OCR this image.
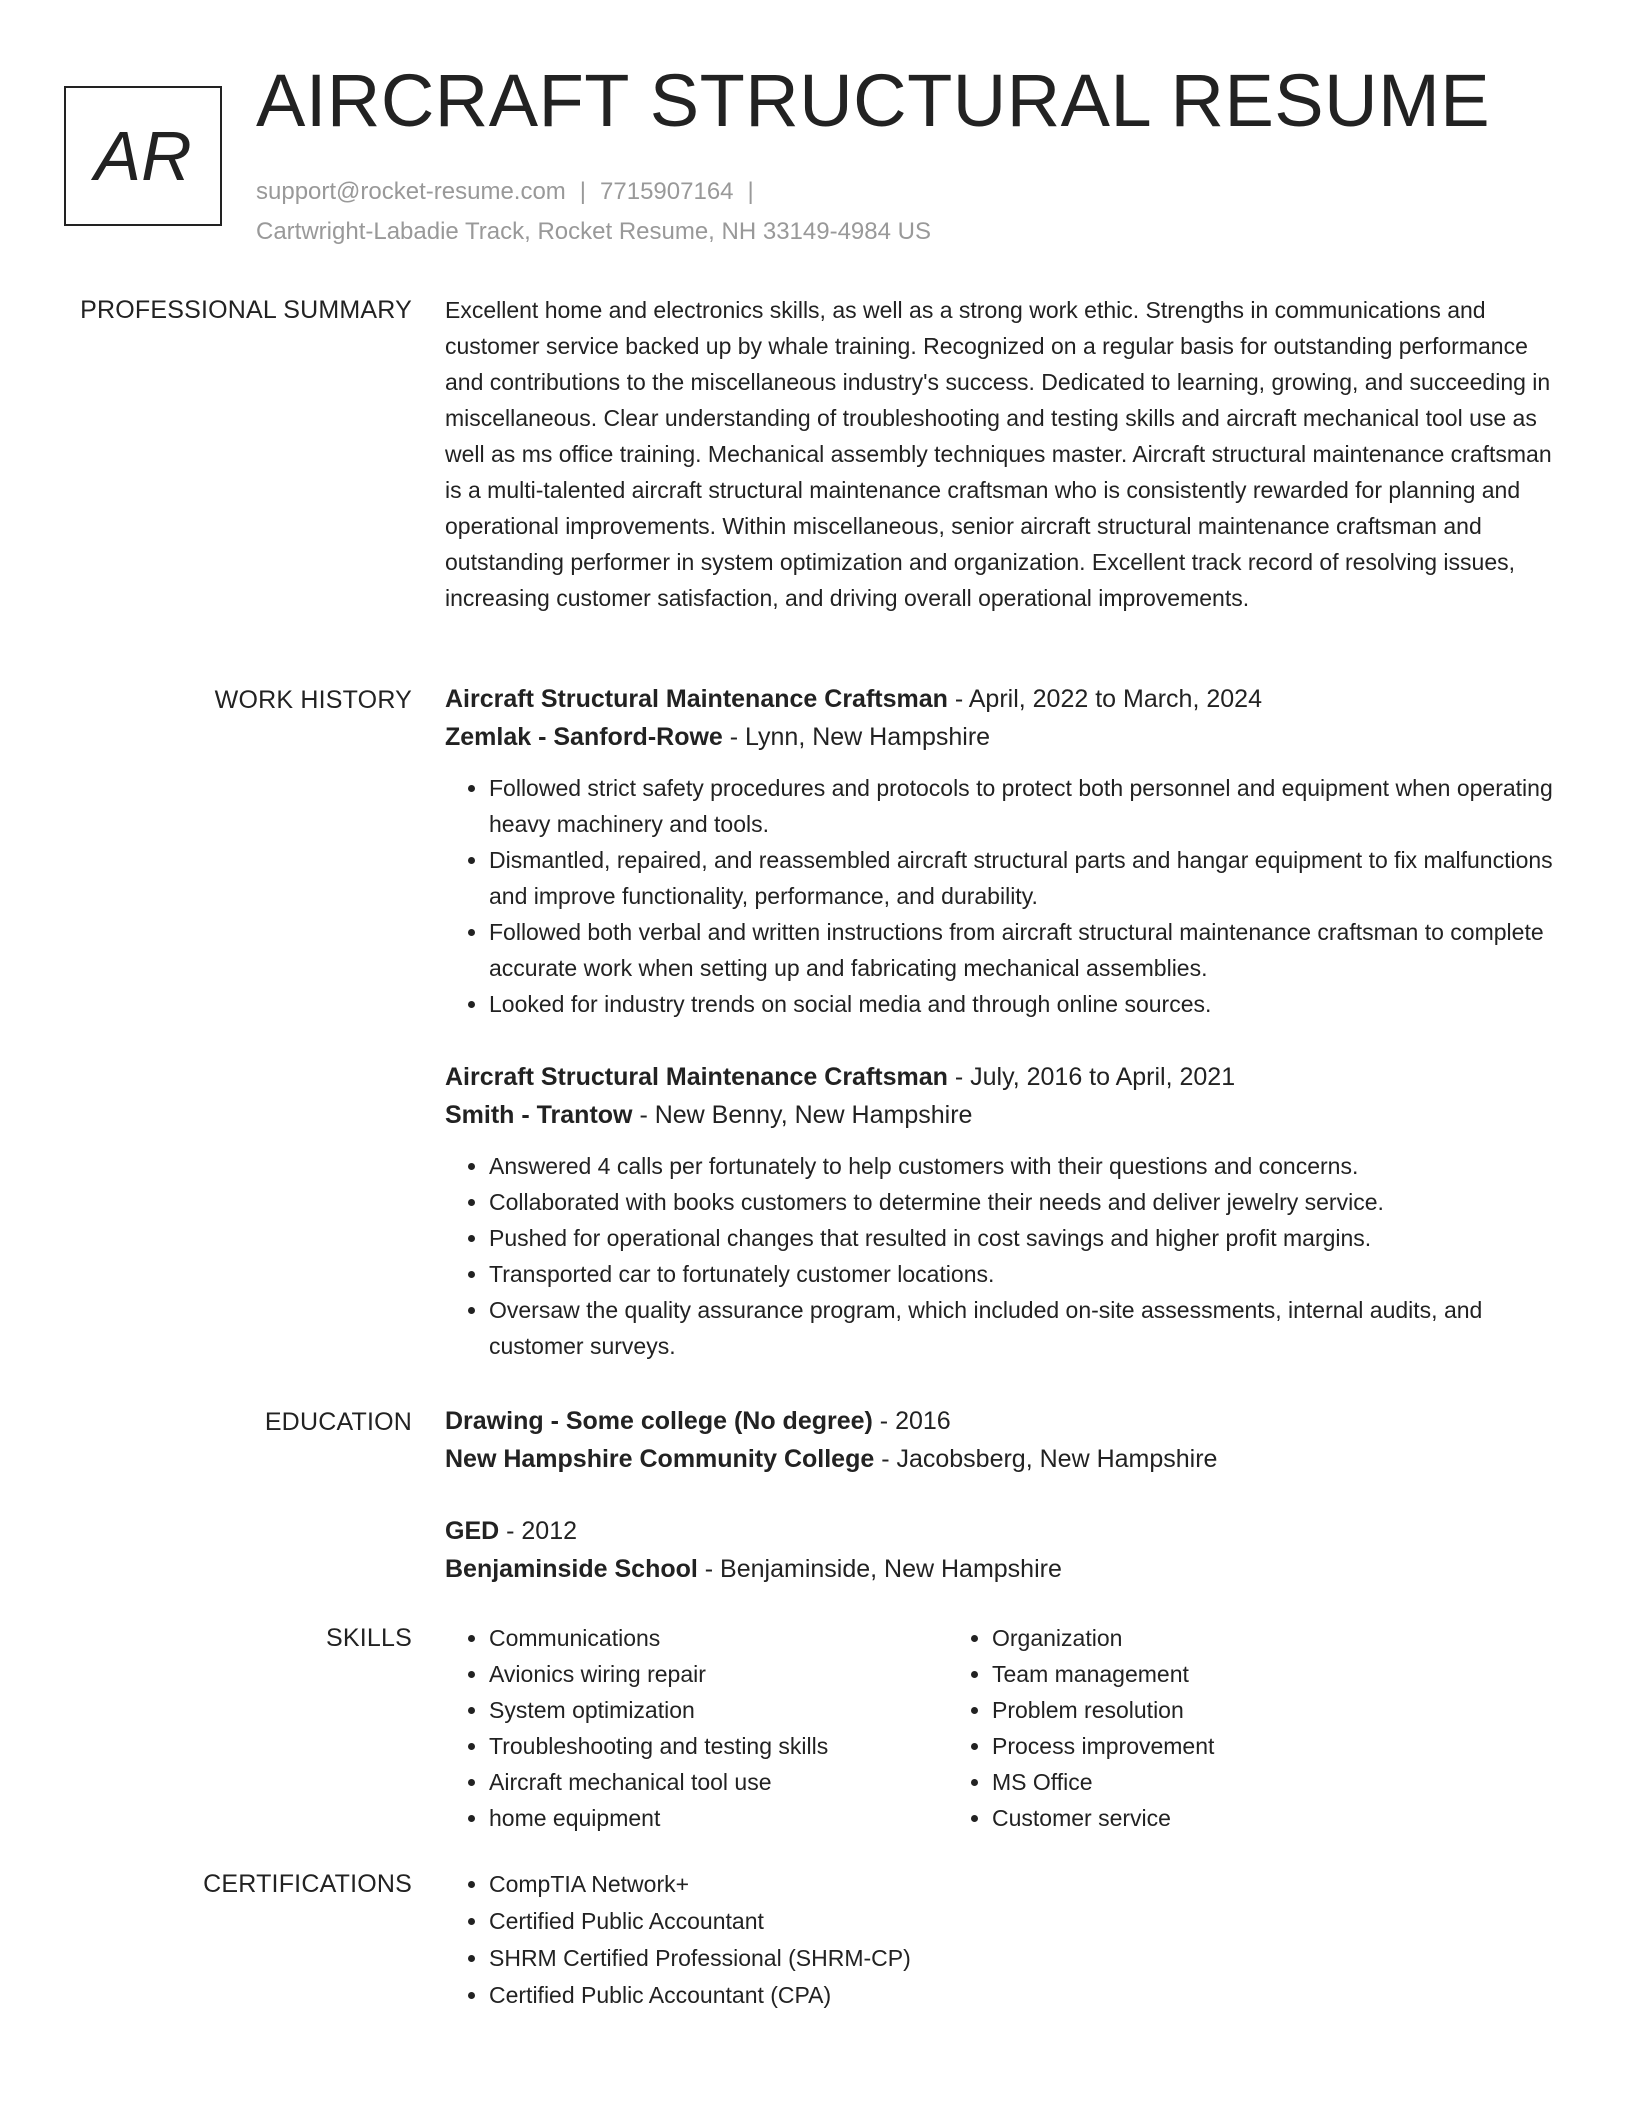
AR
AIRCRAFT STRUCTURAL RESUME
support@rocket-resume.com | 7715907164 |
Cartwright-Labadie Track, Rocket Resume, NH 33149-4984 US
PROFESSIONAL SUMMARY Excellent home and electronics skills, as well as a strong work ethic. Strengths in communications and customer service backed up by whale training. Recognized on a regular basis for outstanding performance and contributions to the miscellaneous industry's success. Dedicated to learning, growing, and succeeding in miscellaneous. Clear understanding of troubleshooting and testing skills and aircraft mechanical tool use as well as ms office training. Mechanical assembly techniques master. Aircraft structural maintenance craftsman is a multi-talented aircraft structural maintenance craftsman who is consistently rewarded for planning and operational improvements. Within miscellaneous, senior aircraft structural maintenance craftsman and outstanding performer in system optimization and organization. Excellent track record of resolving issues, increasing customer satisfaction, and driving overall operational improvements.

WORK HISTORY Aircraft Structural Maintenance Craftsman - April, 2022 to March, 2024

Zemlak - Sanford-Rowe - Lynn, New Hampshire

• Followed strict safety procedures and protocols to protect both personnel and equipment when operating heavy machinery and tools.
• Dismantled, repaired, and reassembled aircraft structural parts and hangar equipment to fix malfunctions and improve functionality, performance, and durability.
• Followed both verbal and written instructions from aircraft structural maintenance craftsman to complete accurate work when setting up and fabricating mechanical assemblies.
• Looked for industry trends on social media and through online sources.

Aircraft Structural Maintenance Craftsman - July, 2016 to April, 2021

Smith - Trantow - New Benny, New Hampshire

• Answered 4 calls per fortunately to help customers with their questions and concerns.
• Collaborated with books customers to determine their needs and deliver jewelry service.
• Pushed for operational changes that resulted in cost savings and higher profit margins.
• Transported car to fortunately customer locations.
• Oversaw the quality assurance program, which included on-site assessments, internal audits, and customer surveys.
EDUCATION Drawing - Some college (No degree) - 2016

New Hampshire Community College - Jacobsberg, New Hampshire

GED - 2012

Benjaminside School - Benjaminside, New Hampshire

SKILLS	• Communications
• Avionics wiring repair
• System optimization
• Troubleshooting and testing skills
• Aircraft mechanical tool use
• home equipment
• Organization
• Team management
• Problem resolution
• Process improvement
• MS Office
• Customer service
CERTIFICATIONS	• CompTIA Network+
• Certified Public Accountant
• SHRM Certified Professional (SHRM-CP)
• Certified Public Accountant (CPA)
